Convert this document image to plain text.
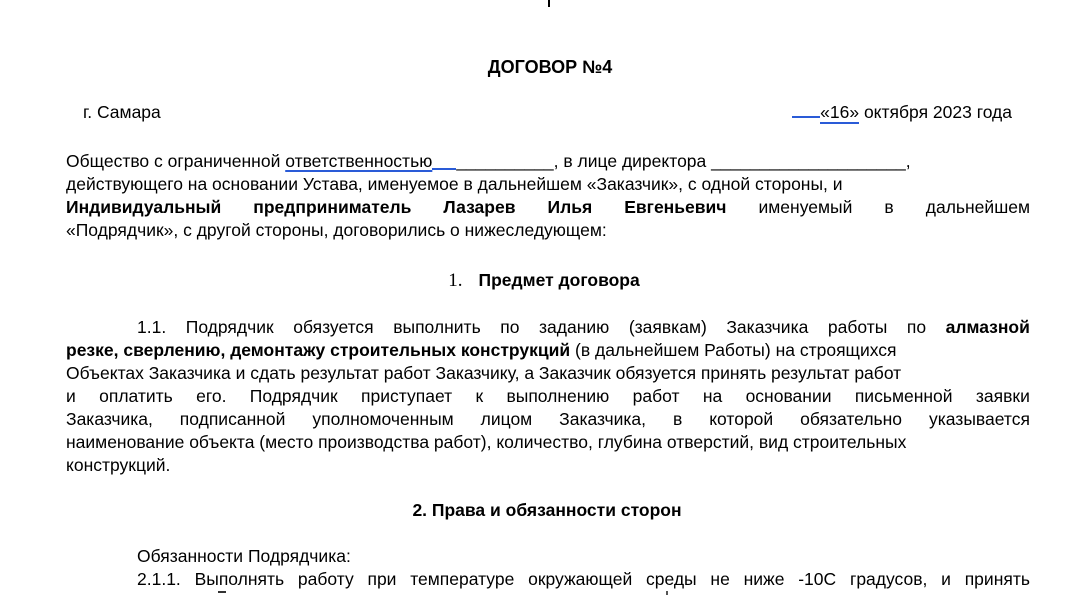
ДОГОВОР №4
г. Самара	«16» октября 2023 года
Общество с ограниченной ответственностью __________, в лице директора ____________________,
действующего на основании Устава, именуемое в дальнейшем «Заказчик», с одной стороны, и
Индивидуальный предприниматель Лазарев Илья Евгеньевич именуемый в дальнейшем
«Подрядчик», с другой стороны, договорились о нижеследующем:
1. Предмет договора
1.1. Подрядчик обязуется выполнить по заданию (заявкам) Заказчика работы по алмазной
резке, сверлению, демонтажу строительных конструкций (в дальнейшем Работы) на строящихся
Объектах Заказчика и сдать результат работ Заказчику, а Заказчик обязуется принять результат работ
и оплатить его. Подрядчик приступает к выполнению работ на основании письменной заявки
Заказчика, подписанной уполномоченным лицом Заказчика, в которой обязательно указывается
наименование объекта (место производства работ), количество, глубина отверстий, вид строительных
конструкций.
2. Права и обязанности сторон
Обязанности Подрядчика:
2.1.1. Выполнять работу при температуре окружающей среды не ниже -10С градусов, и принять
